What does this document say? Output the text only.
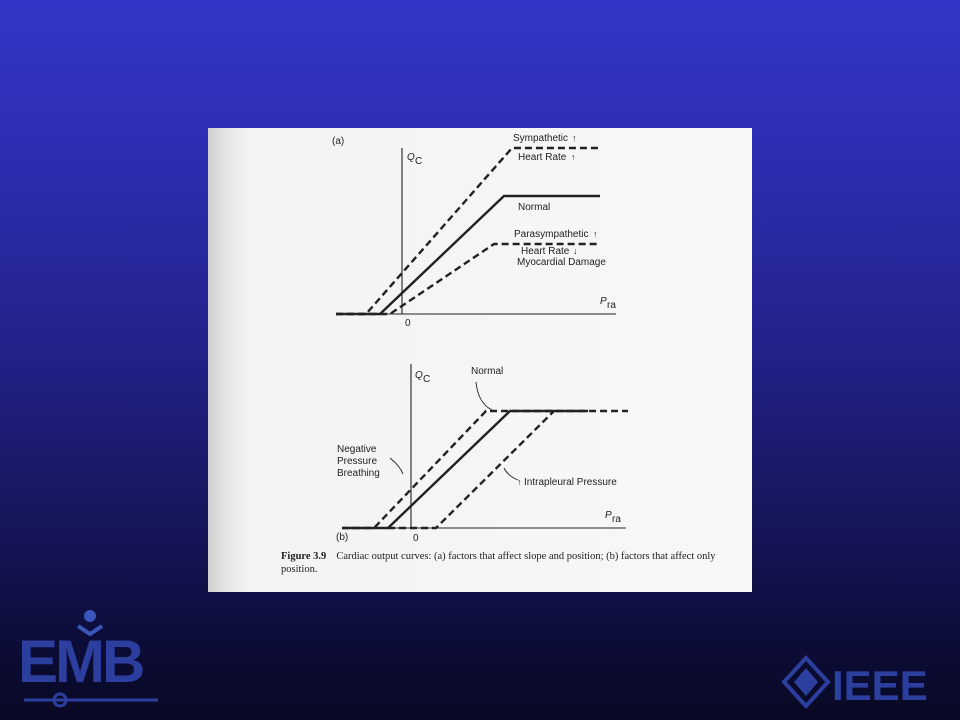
(a)
Q C
P ra
0
Sympathetic ↑
Heart Rate ↑
Normal
Parasympathetic ↑
Heart Rate ↓
Myocardial Damage
(b)
Q C
P ra
0
Normal
Negative
Pressure
Breathing
↑ Intrapleural Pressure
Figure 3.9 Cardiac output curves: (a) factors that affect slope and position; (b) factors that affect only position.
EMB	IEEE
